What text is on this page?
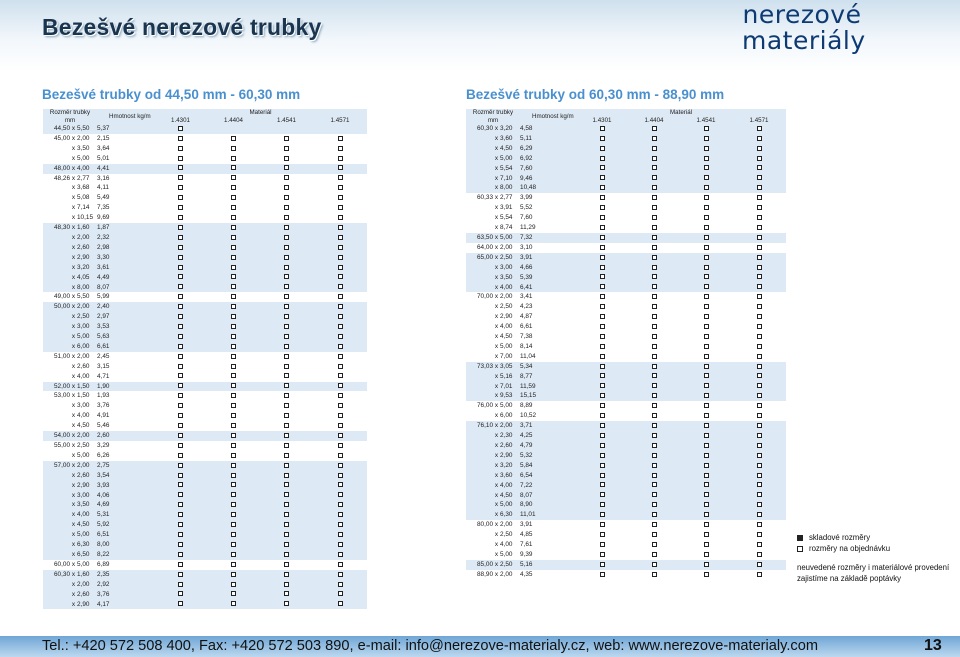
Bezešvé nerezové trubky	nerezové
materiály
Bezešvé trubky od 44,50 mm - 60,30 mm	Bezešvé trubky od 60,30 mm - 88,90 mm
Rozměr trubky			Hmotnost kg/m	Materiál			
mm				1.4301	1.4404	1.4541	1.4571
44,50	x	5,50	5,37				
45,00	x	2,00	2,15				
	x	3,50	3,64				
	x	5,00	5,01				
48,00	x	4,00	4,41				
48,26	x	2,77	3,16				
	x	3,68	4,11				
	x	5,08	5,49				
	x	7,14	7,35				
	x	10,15	9,69				
48,30	x	1,60	1,87				
	x	2,00	2,32				
	x	2,60	2,98				
	x	2,90	3,30				
	x	3,20	3,61				
	x	4,05	4,49				
	x	8,00	8,07				
49,00	x	5,50	5,99				
50,00	x	2,00	2,40				
	x	2,50	2,97				
	x	3,00	3,53				
	x	5,00	5,63				
	x	6,00	6,61				
51,00	x	2,00	2,45				
	x	2,60	3,15				
	x	4,00	4,71				
52,00	x	1,50	1,90				
53,00	x	1,50	1,93				
	x	3,00	3,76				
	x	4,00	4,91				
	x	4,50	5,46				
54,00	x	2,00	2,60				
55,00	x	2,50	3,29				
	x	5,00	6,26				
57,00	x	2,00	2,75				
	x	2,60	3,54				
	x	2,90	3,93				
	x	3,00	4,06				
	x	3,50	4,69				
	x	4,00	5,31				
	x	4,50	5,92				
	x	5,00	6,51				
	x	6,30	8,00				
	x	6,50	8,22				
60,00	x	5,00	6,89				
60,30	x	1,60	2,35				
	x	2,00	2,92				
	x	2,60	3,76				
	x	2,90	4,17				
Rozměr trubky			Hmotnost kg/m	Materiál			
mm				1.4301	1.4404	1.4541	1.4571
60,30	x	3,20	4,58				
	x	3,60	5,11				
	x	4,50	6,29				
	x	5,00	6,92				
	x	5,54	7,60				
	x	7,10	9,46				
	x	8,00	10,48				
60,33	x	2,77	3,99				
	x	3,91	5,52				
	x	5,54	7,60				
	x	8,74	11,29				
63,50	x	5,00	7,32				
64,00	x	2,00	3,10				
65,00	x	2,50	3,91				
	x	3,00	4,66				
	x	3,50	5,39				
	x	4,00	6,41				
70,00	x	2,00	3,41				
	x	2,50	4,23				
	x	2,90	4,87				
	x	4,00	6,61				
	x	4,50	7,38				
	x	5,00	8,14				
	x	7,00	11,04				
73,03	x	3,05	5,34				
	x	5,16	8,77				
	x	7,01	11,59				
	x	9,53	15,15				
76,00	x	5,00	8,89				
	x	6,00	10,52				
76,10	x	2,00	3,71				
	x	2,30	4,25				
	x	2,60	4,79				
	x	2,90	5,32				
	x	3,20	5,84				
	x	3,60	6,54				
	x	4,00	7,22				
	x	4,50	8,07				
	x	5,00	8,90				
	x	6,30	11,01				
80,00	x	2,00	3,91				
	x	2,50	4,85				
	x	4,00	7,61				
	x	5,00	9,39				
85,00	x	2,50	5,16				
88,90	x	2,00	4,35				
skladové rozměry
rozměry na objednávku
neuvedené rozměry i materiálové provedení
zajistíme na základě poptávky
Tel.: +420 572 508 400, Fax: +420 572 503 890, e-mail: info@nerezove-materialy.cz, web: www.nerezove-materialy.com	13
